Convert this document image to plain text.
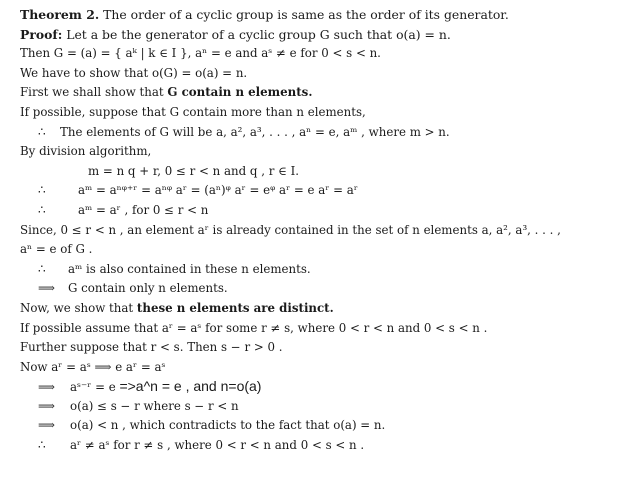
Theorem 2. The order of a cyclic group is same as the order of its generator.
Proof: Let a be the generator of a cyclic group G such that o(a) = n.
Then G = (a) = { aᵏ | k ∈ I }, aⁿ = e and aˢ ≠ e for 0 < s < n.
We have to show that o(G) = o(a) = n.
First we shall show that G contain n elements.
If possible, suppose that G contain more than n elements,
∴ The elements of G will be a, a², a³, . . . , aⁿ = e, aᵐ , where m > n.
By division algorithm,
m = n q + r, 0 ≤ r < n and q , r ∈ I.
∴	aᵐ = aⁿᵠ⁺ʳ = aⁿᵠ aʳ = (aⁿ)ᵠ aʳ = eᵠ aʳ = e aʳ = aʳ
∴	aᵐ = aʳ , for 0 ≤ r < n
Since, 0 ≤ r < n , an element aʳ is already contained in the set of n elements a, a², a³, . . . ,
aⁿ = e of G .
∴ aᵐ is also contained in these n elements.
⟹ G contain only n elements.
Now, we show that these n elements are distinct.
If possible assume that aʳ = aˢ for some r ≠ s, where 0 < r < n and 0 < s < n .
Further suppose that r < s. Then s − r > 0 .
Now aʳ = aˢ ⟹ e aʳ = aˢ
⟹ aˢ⁻ʳ = e =>a^n = e , and n=o(a)
⟹ o(a) ≤ s − r where s − r < n
⟹ o(a) < n , which contradicts to the fact that o(a) = n.
∴ aʳ ≠ aˢ for r ≠ s , where 0 < r < n and 0 < s < n .
